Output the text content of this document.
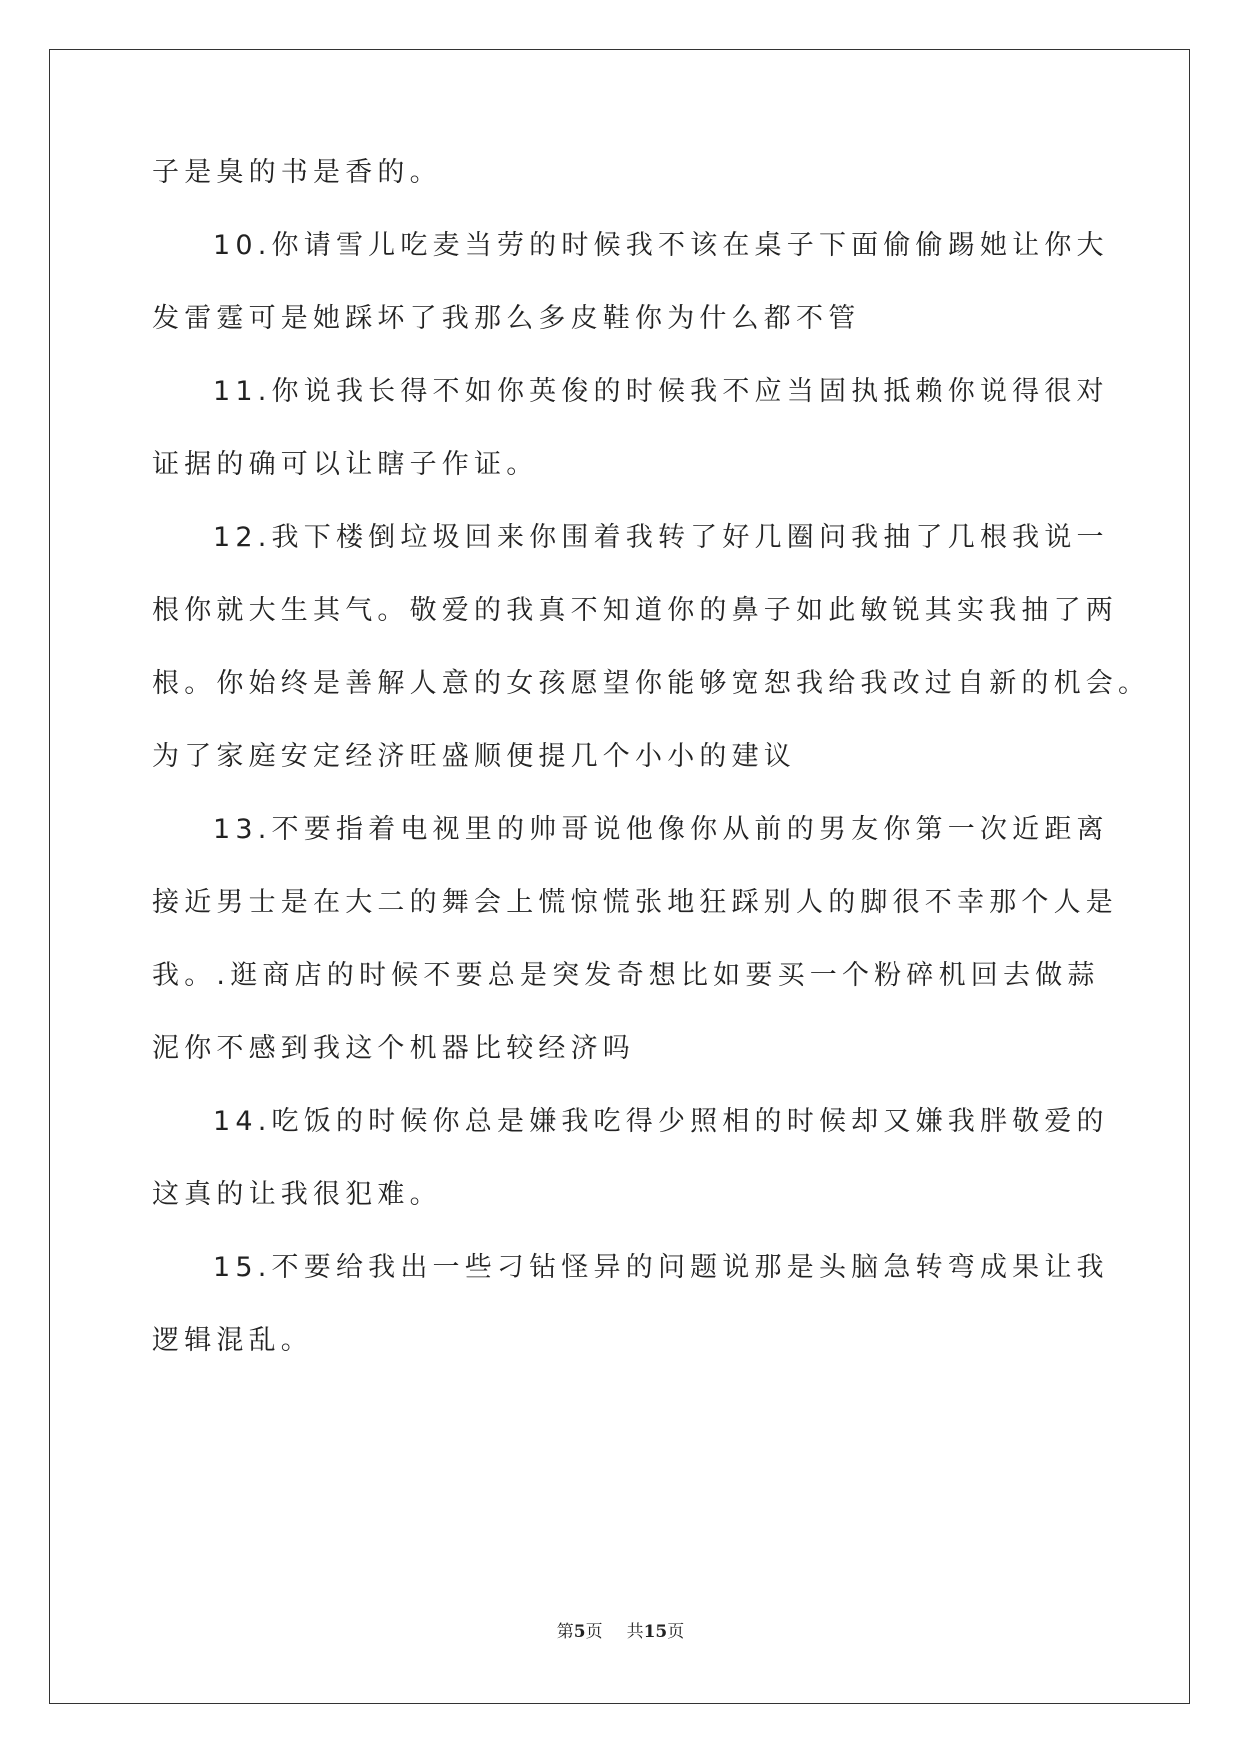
子是臭的书是香的。
10.你请雪儿吃麦当劳的时候我不该在桌子下面偷偷踢她让你大
发雷霆可是她踩坏了我那么多皮鞋你为什么都不管
11.你说我长得不如你英俊的时候我不应当固执抵赖你说得很对
证据的确可以让瞎子作证。
12.我下楼倒垃圾回来你围着我转了好几圈问我抽了几根我说一
根你就大生其气。敬爱的我真不知道你的鼻子如此敏锐其实我抽了两
根。你始终是善解人意的女孩愿望你能够宽恕我给我改过自新的机会。
为了家庭安定经济旺盛顺便提几个小小的建议
13.不要指着电视里的帅哥说他像你从前的男友你第一次近距离
接近男士是在大二的舞会上慌惊慌张地狂踩别人的脚很不幸那个人是
我。.逛商店的时候不要总是突发奇想比如要买一个粉碎机回去做蒜
泥你不感到我这个机器比较经济吗
14.吃饭的时候你总是嫌我吃得少照相的时候却又嫌我胖敬爱的
这真的让我很犯难。
15.不要给我出一些刁钻怪异的问题说那是头脑急转弯成果让我
逻辑混乱。
第5页 共15页
